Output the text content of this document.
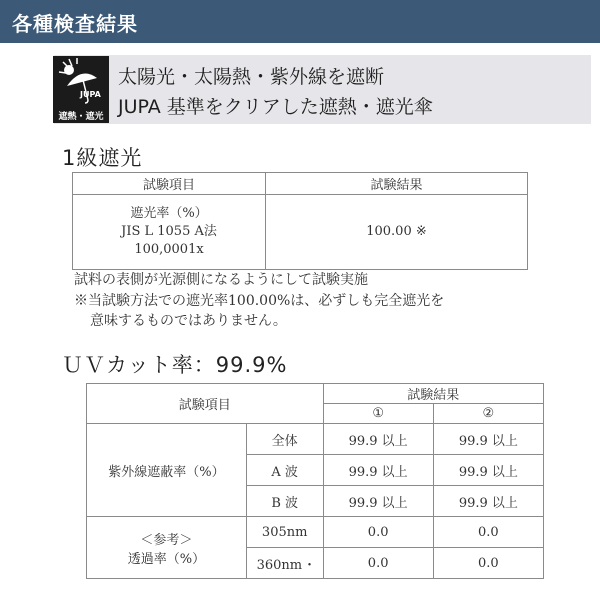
各種検査結果
JUPA
遮熱・遮光
太陽光・太陽熱・紫外線を遮断
JUPA 基準をクリアした遮熱・遮光傘
1級遮光
試験項目	試験結果

遮光率（%）
JIS L 1055 A法
100,0001x	100.00 ※
試料の表側が光源側になるようにして試験実施
※当試験方法での遮光率100.00%は、必ずしも完全遮光を
意味するものではありません。
ＵＶカット率：99.9%
試験項目		試験結果	
		①	②
紫外線遮蔽率（%）	全体	99.9 以上	99.9 以上
	A 波	99.9 以上	99.9 以上
	B 波	99.9 以上	99.9 以上

＜参考＞
透過率（%）	305nm	0.0	0.0
	360nm ･	0.0	0.0
